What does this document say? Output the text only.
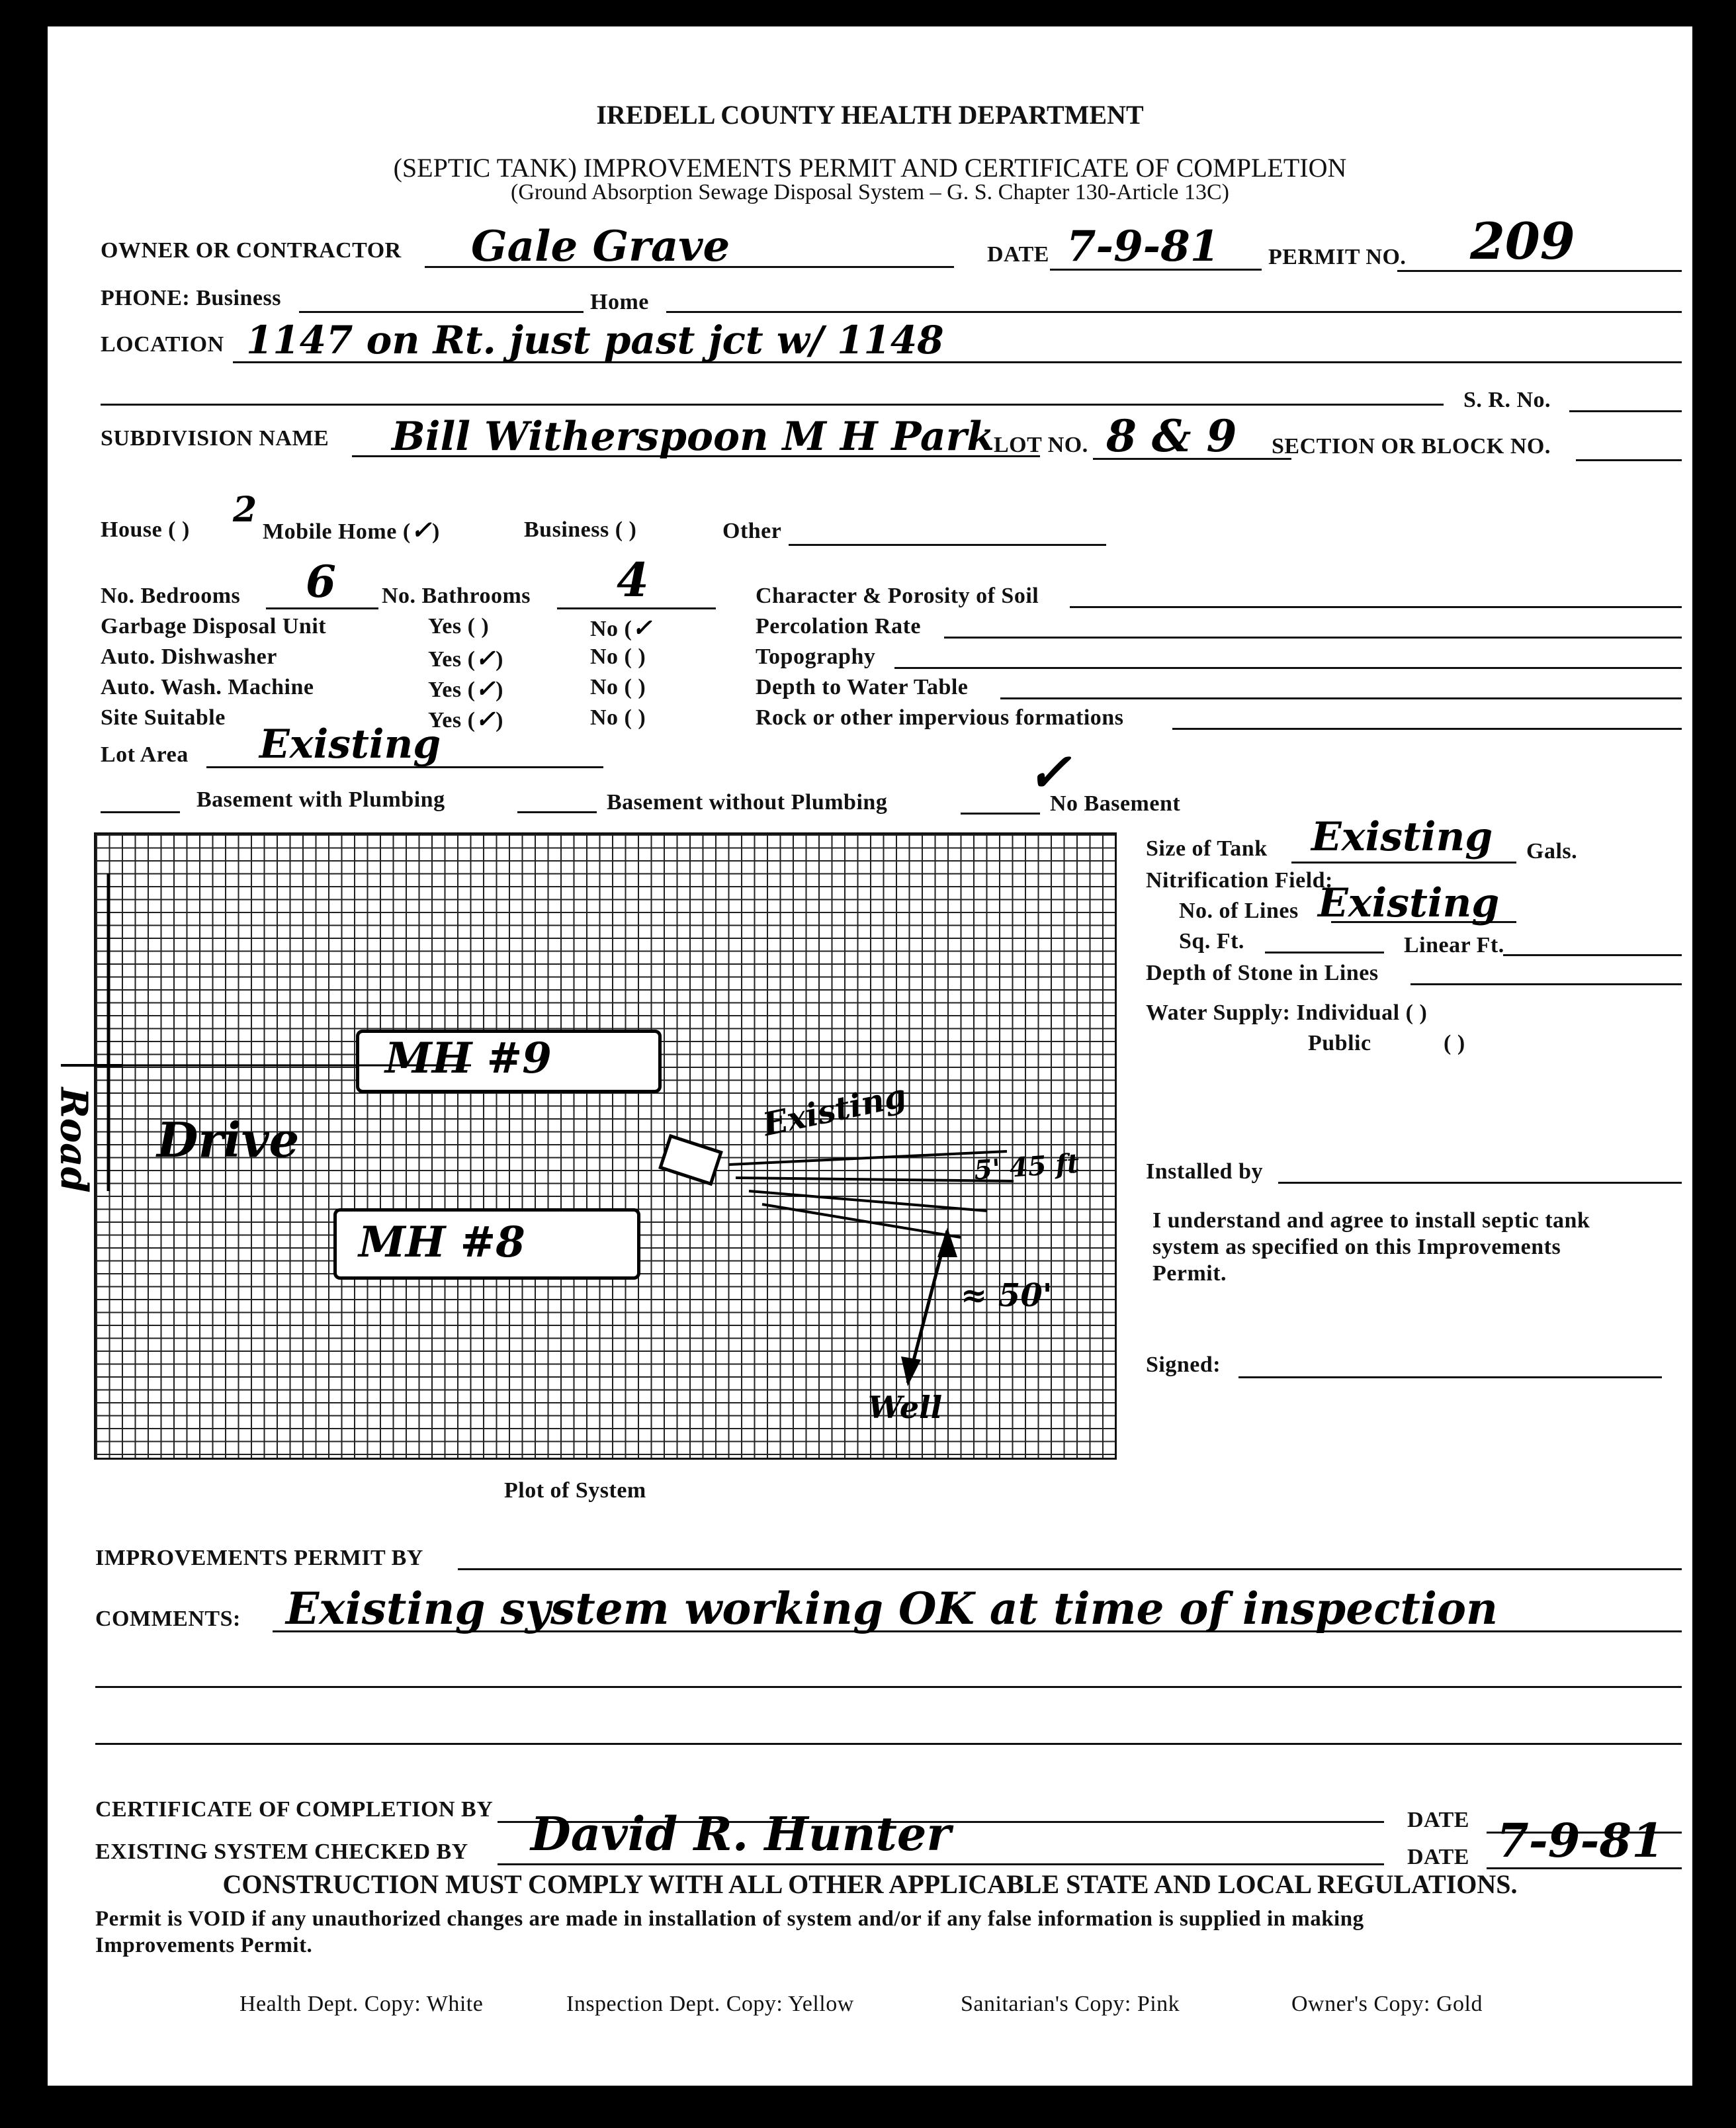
IREDELL COUNTY HEALTH DEPARTMENT
(SEPTIC TANK) IMPROVEMENTS PERMIT AND CERTIFICATE OF COMPLETION
(Ground Absorption Sewage Disposal System – G. S. Chapter 130-Article 13C)
OWNER OR CONTRACTOR Gale Grave	DATE 7-9-81 PERMIT NO. 209
PHONE: Business	Home
LOCATION 1147 on Rt. just past jct w/ 1148
S. R. No.
SUBDIVISION NAME Bill Witherspoon M H Park LOT NO. 8 & 9 SECTION OR BLOCK NO.
House ( ) 2
Mobile Home (✓)	Business ( )	Other
No. Bedrooms 6 No. Bathrooms 4
Garbage Disposal Unit	Yes ( )	No (✓
Auto. Dishwasher	Yes (✓)	No ( )
Auto. Wash. Machine	Yes (✓)	No ( )
Site Suitable	Yes (✓)	No ( )
Character & Porosity of Soil
Percolation Rate
Topography
Depth to Water Table
Rock or other impervious formations
Lot Area Existing
Basement with Plumbing	Basement without Plumbing	✓
No Basement
MH #9
MH #8
Drive
Road	Existing
5' 45 ft
≈ 50'
Well
Plot of System
Size of Tank Existing Gals.
Nitrification Field:
No. of Lines Existing
Sq. Ft.	Linear Ft.
Depth of Stone in Lines
Water Supply: Individual ( )
Public	( )
Installed by
I understand and agree to install septic tank
system as specified on this Improvements
Permit.
Signed:
IMPROVEMENTS PERMIT BY
COMMENTS: Existing system working OK at time of inspection
CERTIFICATE OF COMPLETION BY	DATE
EXISTING SYSTEM CHECKED BY David R. Hunter	DATE 7-9-81
CONSTRUCTION MUST COMPLY WITH ALL OTHER APPLICABLE STATE AND LOCAL REGULATIONS.
Permit is VOID if any unauthorized changes are made in installation of system and/or if any false information is supplied in making
Improvements Permit.
Health Dept. Copy: White	Inspection Dept. Copy: Yellow	Sanitarian's Copy: Pink	Owner's Copy: Gold
